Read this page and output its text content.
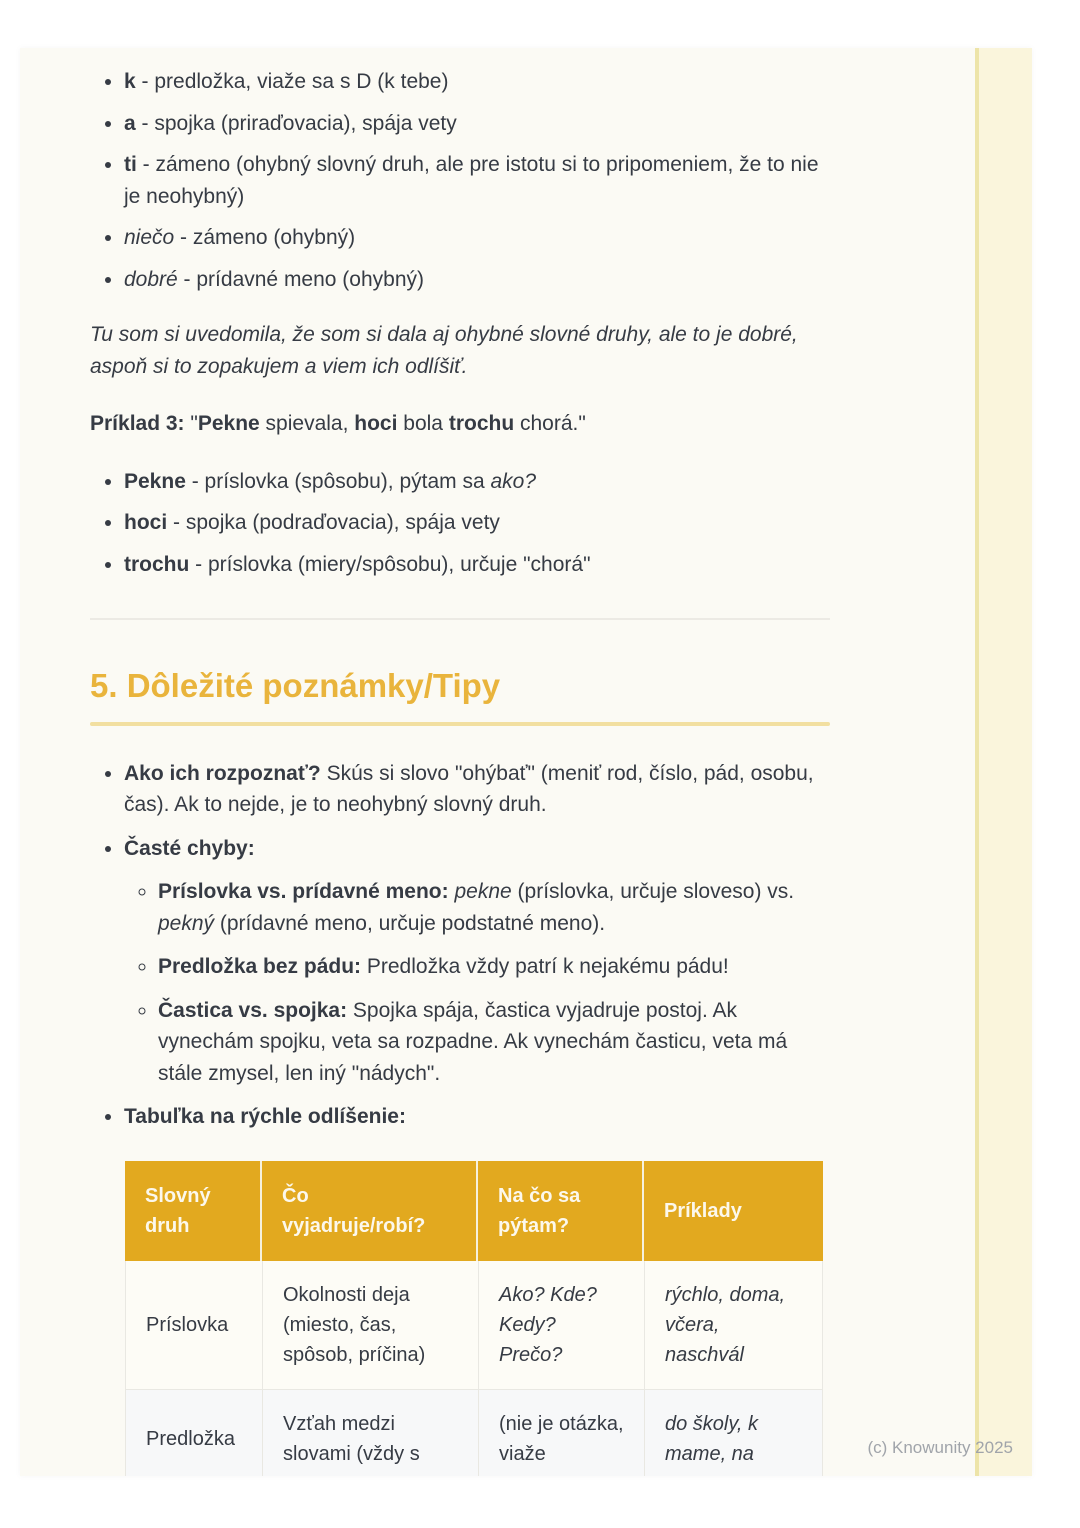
• k - predložka, viaže sa s D (k tebe)
• a - spojka (priraďovacia), spája vety
• ti - zámeno (ohybný slovný druh, ale pre istotu si to pripomeniem, že to nie je neohybný)
• niečo - zámeno (ohybný)
• dobré - prídavné meno (ohybný)

Tu som si uvedomila, že som si dala aj ohybné slovné druhy, ale to je dobré, aspoň si to zopakujem a viem ich odlíšiť.

Príklad 3: "Pekne spievala, hoci bola trochu chorá."

• Pekne - príslovka (spôsobu), pýtam sa ako?
• hoci - spojka (podraďovacia), spája vety
• trochu - príslovka (miery/spôsobu), určuje "chorá"
5. Dôležité poznámky/Tipy
• Ako ich rozpoznať? Skús si slovo "ohýbať" (meniť rod, číslo, pád, osobu, čas). Ak to nejde, je to neohybný slovný druh.
• Časté chyby:
◦ Príslovka vs. prídavné meno: pekne (príslovka, určuje sloveso) vs. pekný (prídavné meno, určuje podstatné meno).
◦ Predložka bez pádu: Predložka vždy patrí k nejakému pádu!
◦ Častica vs. spojka: Spojka spája, častica vyjadruje postoj. Ak vynechám spojku, veta sa rozpadne. Ak vynechám časticu, veta má stále zmysel, len iný "nádych".
• Tabuľka na rýchle odlíšenie:
Slovný druh	Čo vyjadruje/robí?	Na čo sa pýtam?	Príklady
Príslovka	Okolnosti deja (miesto, čas, spôsob, príčina)	Ako? Kde? Kedy? Prečo?	rýchlo, doma, včera, naschvál
Predložka	Vzťah medzi slovami (vždy s	(nie je otázka, viaže	do školy, k mame, na	(c) Knowunity 2025
